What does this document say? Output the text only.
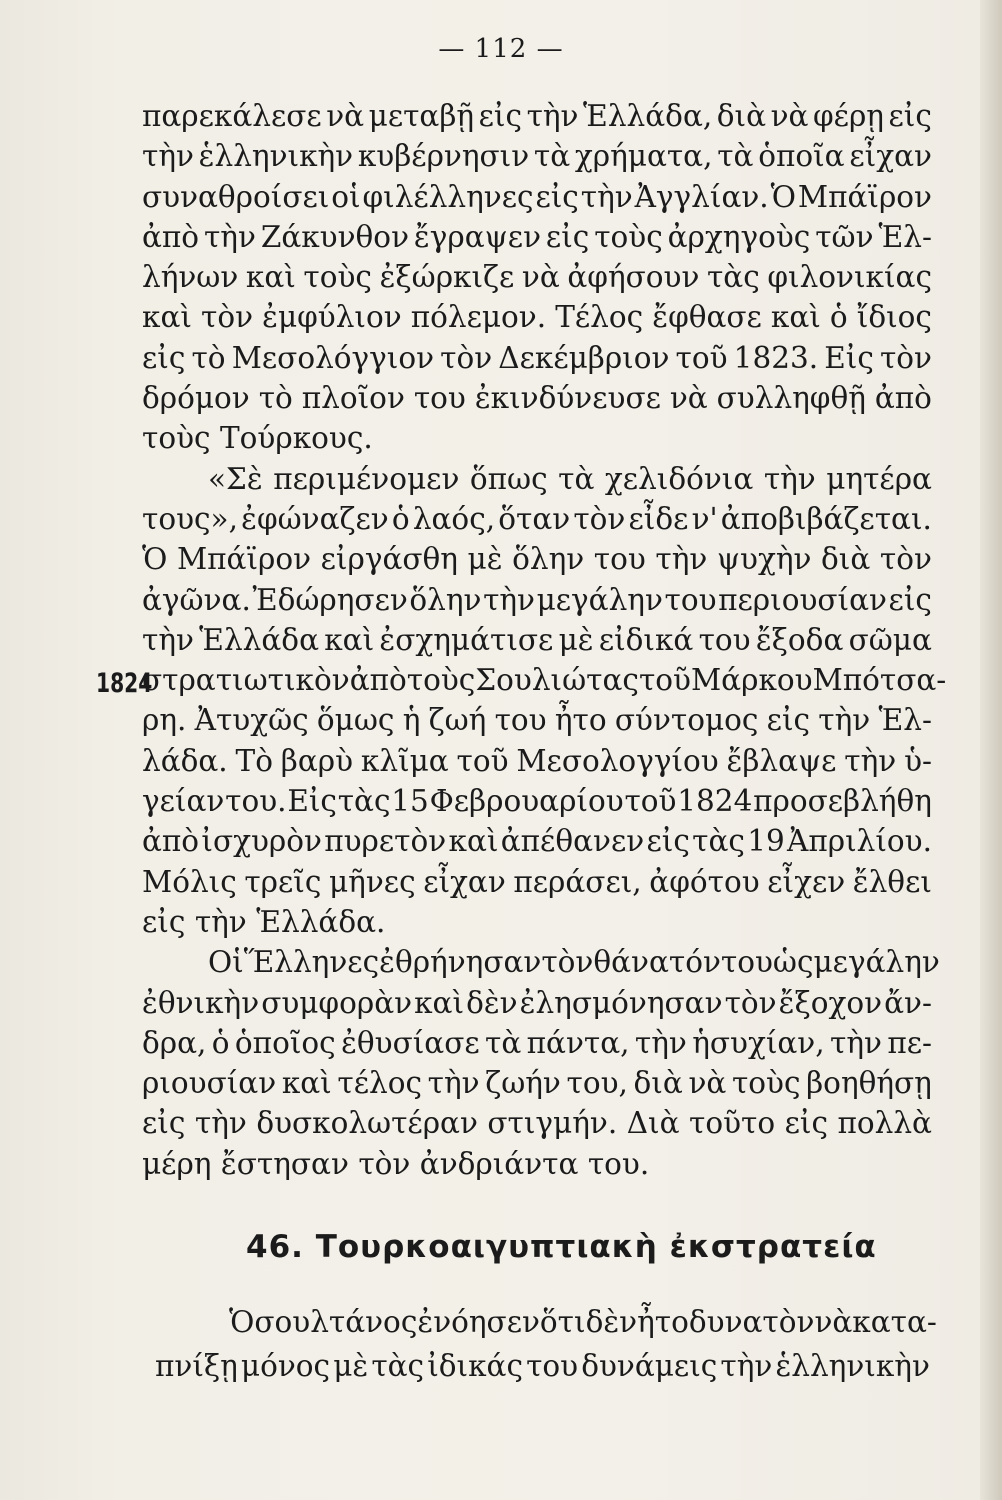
— 112 —
1824
παρεκάλεσε νὰ μεταβῇ εἰς τὴν Ἑλλάδα, διὰ νὰ φέρῃ εἰς
τὴν ἑλληνικὴν κυβέρνησιν τὰ χρήματα, τὰ ὁποῖα εἶχαν
συναθροίσει οἱ φιλέλληνες εἰς τὴν Ἀγγλίαν. Ὁ Μπάϊρον
ἀπὸ τὴν Ζάκυνθον ἔγραψεν εἰς τοὺς ἀρχηγοὺς τῶν Ἑλ-
λήνων καὶ τοὺς ἐξώρκιζε νὰ ἀφήσουν τὰς φιλονικίας
καὶ τὸν ἐμφύλιον πόλεμον. Τέλος ἔφθασε καὶ ὁ ἴδιος
εἰς τὸ Μεσολόγγιον τὸν Δεκέμβριον τοῦ 1823. Εἰς τὸν
δρόμον τὸ πλοῖον του ἐκινδύνευσε νὰ συλληφθῇ ἀπὸ
τοὺς Τούρκους.
«Σὲ περιμένομεν ὅπως τὰ χελιδόνια τὴν μητέρα
τους», ἐφώναζεν ὁ λαός, ὅταν τὸν εἶδε ν' ἀποβιβάζεται.
Ὁ Μπάϊρον εἰργάσθη μὲ ὅλην του τὴν ψυχὴν διὰ τὸν
ἀγῶνα. Ἐδώρησεν ὅλην τὴν μεγάλην του περιουσίαν εἰς
τὴν Ἑλλάδα καὶ ἐσχημάτισε μὲ εἰδικά του ἔξοδα σῶμα
στρατιωτικὸν ἀπὸ τοὺς Σουλιώτας τοῦ Μάρκου Μπότσα-
ρη. Ἀτυχῶς ὅμως ἡ ζωή του ἦτο σύντομος εἰς τὴν Ἑλ-
λάδα. Τὸ βαρὺ κλῖμα τοῦ Μεσολογγίου ἔβλαψε τὴν ὑ-
γείαν του. Εἰς τὰς 15 Φεβρουαρίου τοῦ 1824 προσεβλήθη
ἀπὸ ἰσχυρὸν πυρετὸν καὶ ἀπέθανεν εἰς τὰς 19 Ἀπριλίου.
Μόλις τρεῖς μῆνες εἶχαν περάσει, ἀφότου εἶχεν ἔλθει
εἰς τὴν Ἑλλάδα.
Οἱ Ἕλληνες ἐθρήνησαν τὸν θάνατόν του ὡς μεγάλην
ἐθνικὴν συμφορὰν καὶ δὲν ἐλησμόνησαν τὸν ἔξοχον ἄν-
δρα, ὁ ὁποῖος ἐθυσίασε τὰ πάντα, τὴν ἡσυχίαν, τὴν πε-
ριουσίαν καὶ τέλος τὴν ζωήν του, διὰ νὰ τοὺς βοηθήσῃ
εἰς τὴν δυσκολωτέραν στιγμήν. Διὰ τοῦτο εἰς πολλὰ
μέρη ἔστησαν τὸν ἀνδριάντα του.
46. Τουρκοαιγυπτιακὴ ἐκστρατεία
Ὁ σουλτάνος ἐνόησεν ὅτι δὲν ἦτο δυνατὸν νὰ κατα-
πνίξῃ μόνος μὲ τὰς ἰδικάς του δυνάμεις τὴν ἑλληνικὴν
